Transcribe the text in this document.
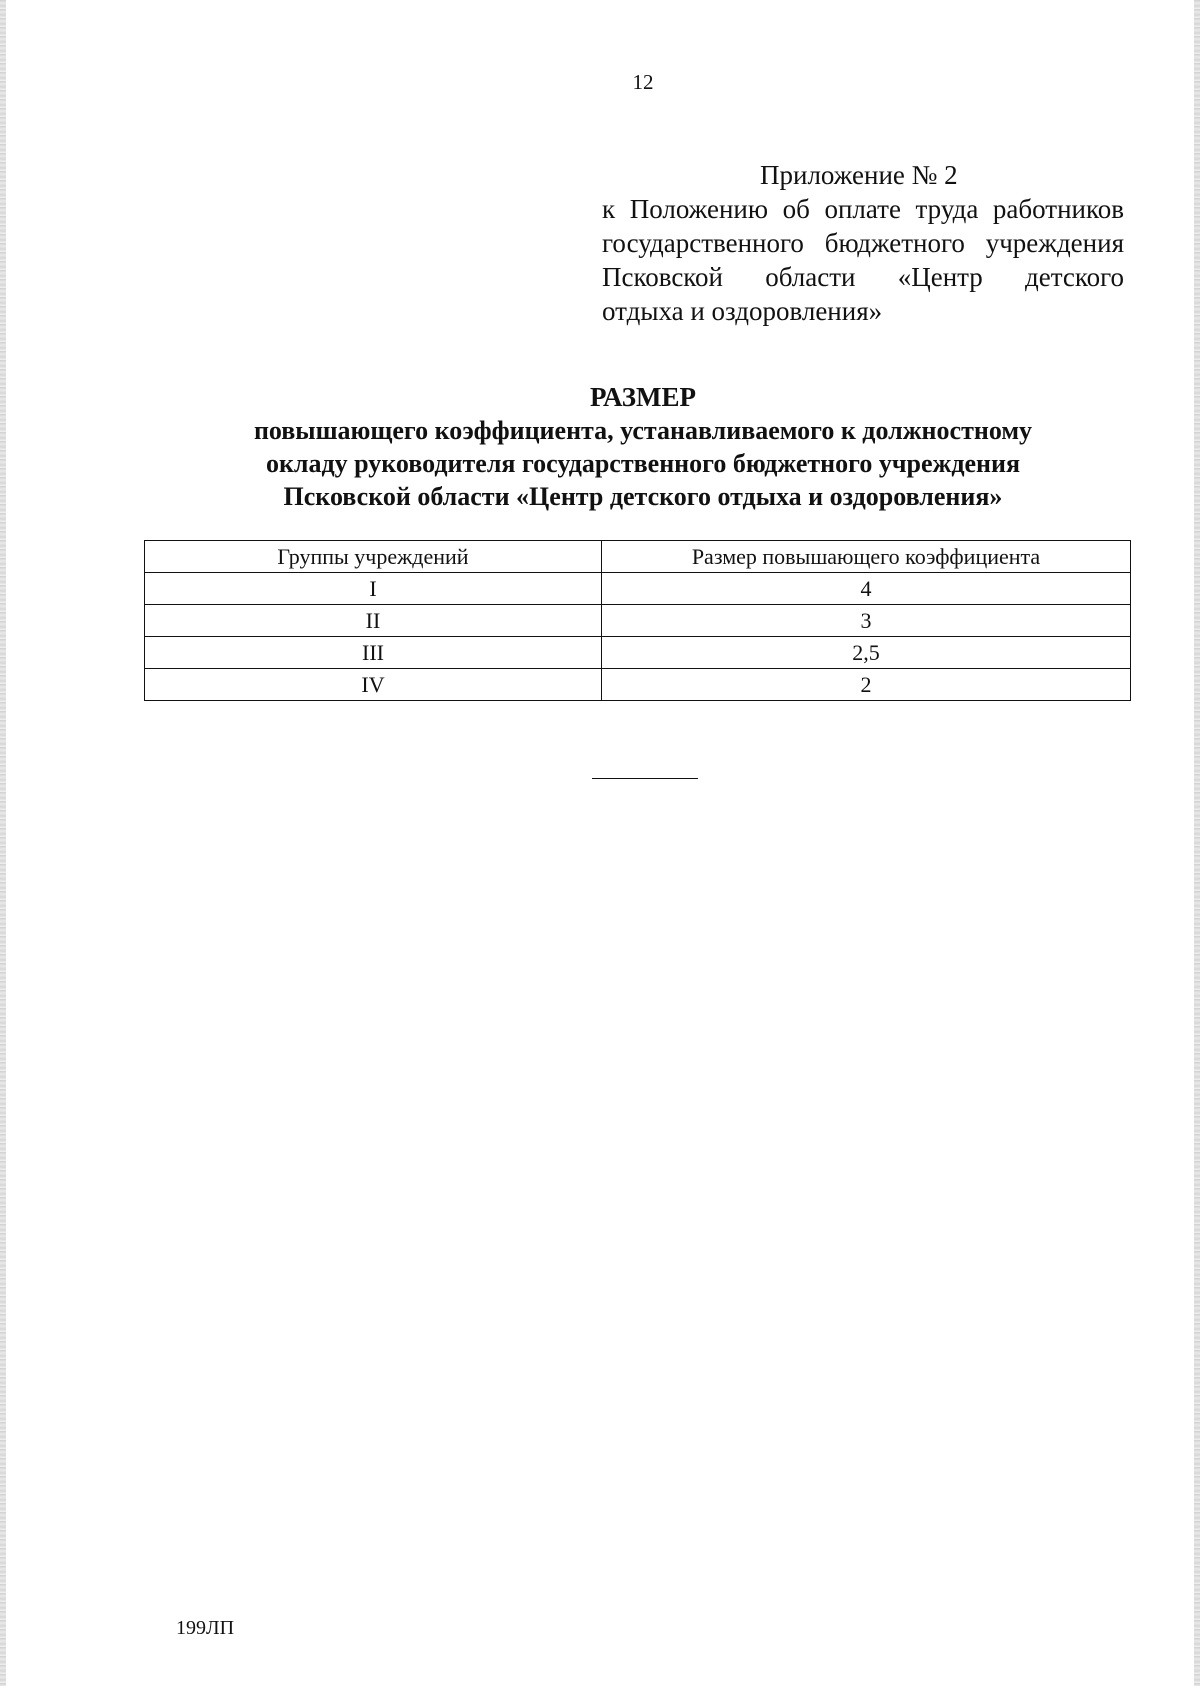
12
Приложение № 2
к Положению об оплате труда работников
государственного бюджетного учреждения
Псковской области «Центр детского
отдыха и оздоровления»
РАЗМЕР
повышающего коэффициента, устанавливаемого к должностному
окладу руководителя государственного бюджетного учреждения
Псковской области «Центр детского отдыха и оздоровления»
Группы учреждений	Размер повышающего коэффициента
I	4
II	3
III	2,5
IV	2
199ЛП
